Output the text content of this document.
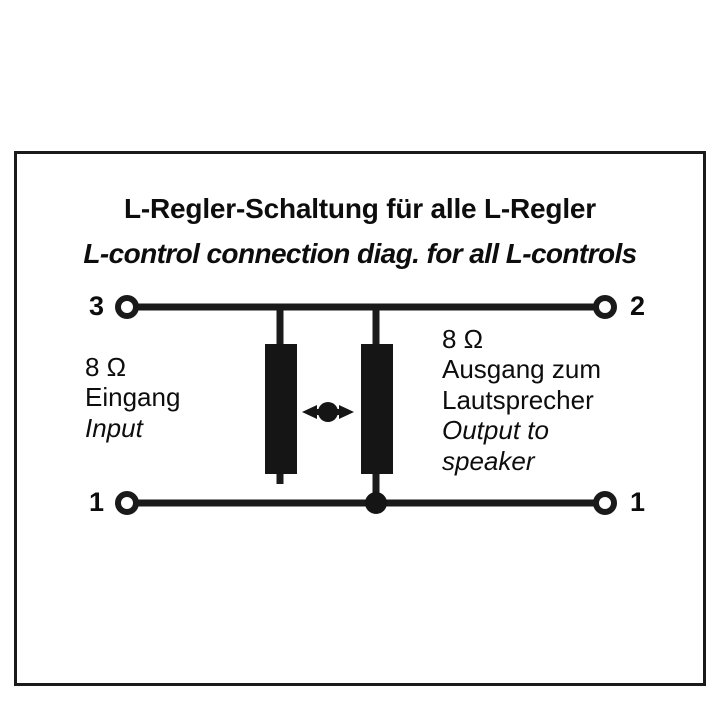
L-Regler-Schaltung für alle L-Regler
L-control connection diag. for all L-controls
3	2
1	1
8 Ω
Eingang
Input
8 Ω
Ausgang zum
Lautsprecher
Output to
speaker
